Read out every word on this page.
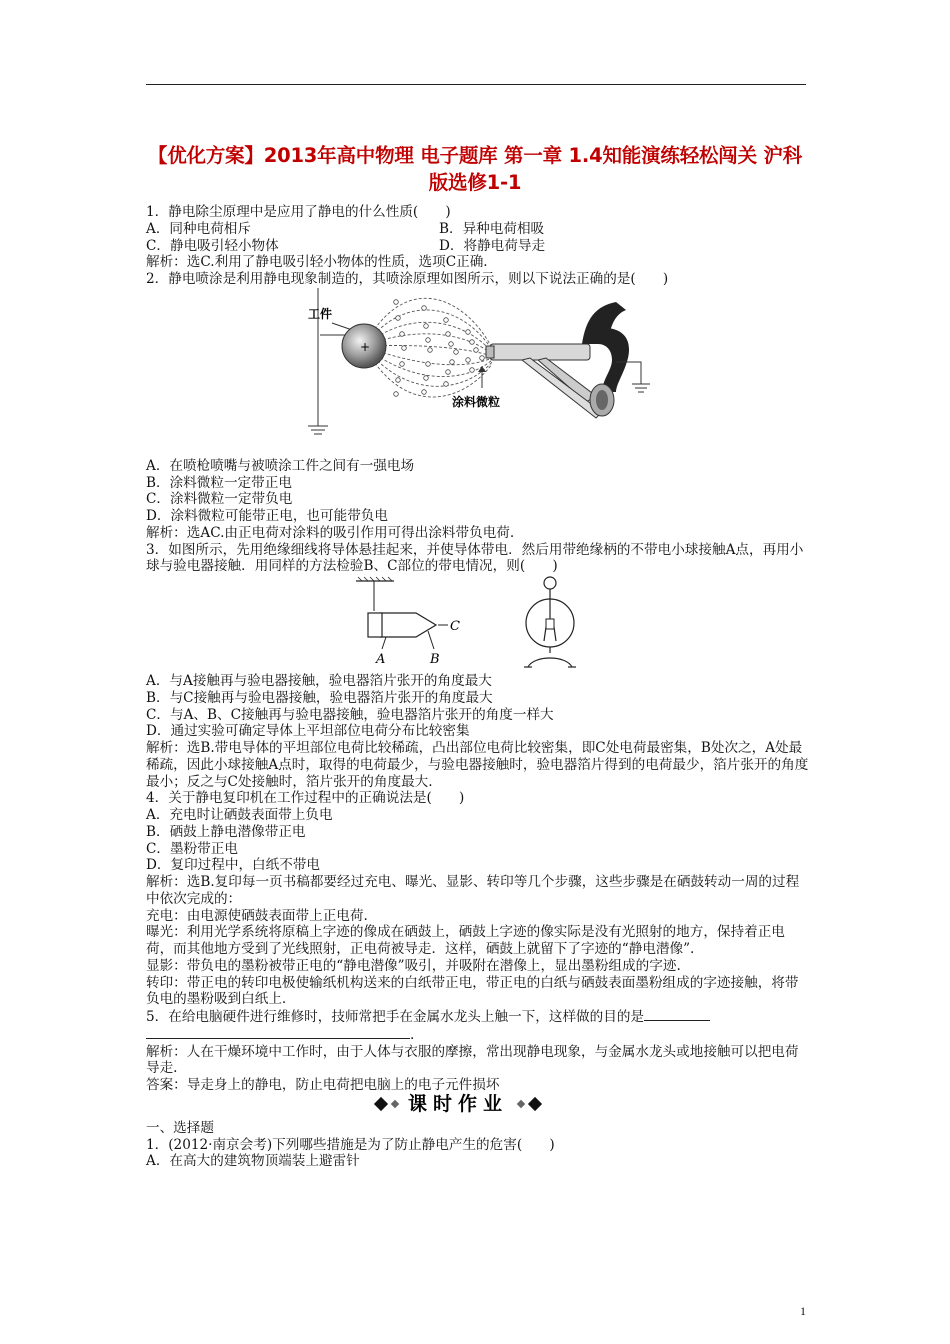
【优化方案】2013年高中物理 电子题库 第一章 1.4知能演练轻松闯关 沪科版选修1-1

1．静电除尘原理中是应用了静电的什么性质(　　)

A．同种电荷相斥	B．异种电荷相吸
C．静电吸引轻小物体	D．将静电荷导走

解析：选C.利用了静电吸引轻小物体的性质，选项C正确.

2．静电喷涂是利用静电现象制造的，其喷涂原理如图所示，则以下说法正确的是(　　)

工件
+
涂料微粒

A．在喷枪喷嘴与被喷涂工件之间有一强电场

B．涂料微粒一定带正电

C．涂料微粒一定带负电

D．涂料微粒可能带正电，也可能带负电

解析：选AC.由正电荷对涂料的吸引作用可得出涂料带负电荷.

3．如图所示，先用绝缘细线将导体悬挂起来，并使导体带电．然后用带绝缘柄的不带电小球接触A点，再用小球与验电器接触．用同样的方法检验B、C部位的带电情况，则(　　)

C
A	B

A．与A接触再与验电器接触，验电器箔片张开的角度最大

B．与C接触再与验电器接触，验电器箔片张开的角度最大

C．与A、B、C接触再与验电器接触，验电器箔片张开的角度一样大

D．通过实验可确定导体上平坦部位电荷分布比较密集

解析：选B.带电导体的平坦部位电荷比较稀疏，凸出部位电荷比较密集，即C处电荷最密集，B处次之，A处最稀疏，因此小球接触A点时，取得的电荷最少，与验电器接触时，验电器箔片得到的电荷最少，箔片张开的角度最小；反之与C处接触时，箔片张开的角度最大.

4．关于静电复印机在工作过程中的正确说法是(　　)

A．充电时让硒鼓表面带上负电

B．硒鼓上静电潜像带正电

C．墨粉带正电

D．复印过程中，白纸不带电

解析：选B.复印每一页书稿都要经过充电、曝光、显影、转印等几个步骤，这些步骤是在硒鼓转动一周的过程中依次完成的：

充电：由电源使硒鼓表面带上正电荷.

曝光：利用光学系统将原稿上字迹的像成在硒鼓上，硒鼓上字迹的像实际是没有光照射的地方，保持着正电荷，而其他地方受到了光线照射，正电荷被导走．这样，硒鼓上就留下了字迹的“静电潜像”.

显影：带负电的墨粉被带正电的“静电潜像”吸引，并吸附在潜像上，显出墨粉组成的字迹.

转印：带正电的转印电极使输纸机构送来的白纸带正电，带正电的白纸与硒鼓表面墨粉组成的字迹接触，将带负电的墨粉吸到白纸上.

5．在给电脑硬件进行维修时，技师常把手在金属水龙头上触一下，这样做的目的是

.

解析：人在干燥环境中工作时，由于人体与衣服的摩擦，常出现静电现象，与金属水龙头或地接触可以把电荷导走.

答案：导走身上的静电，防止电荷把电脑上的电子元件损坏

课时作业

一、选择题

1．(2012·南京会考)下列哪些措施是为了防止静电产生的危害(　　)

A．在高大的建筑物顶端装上避雷针

1
